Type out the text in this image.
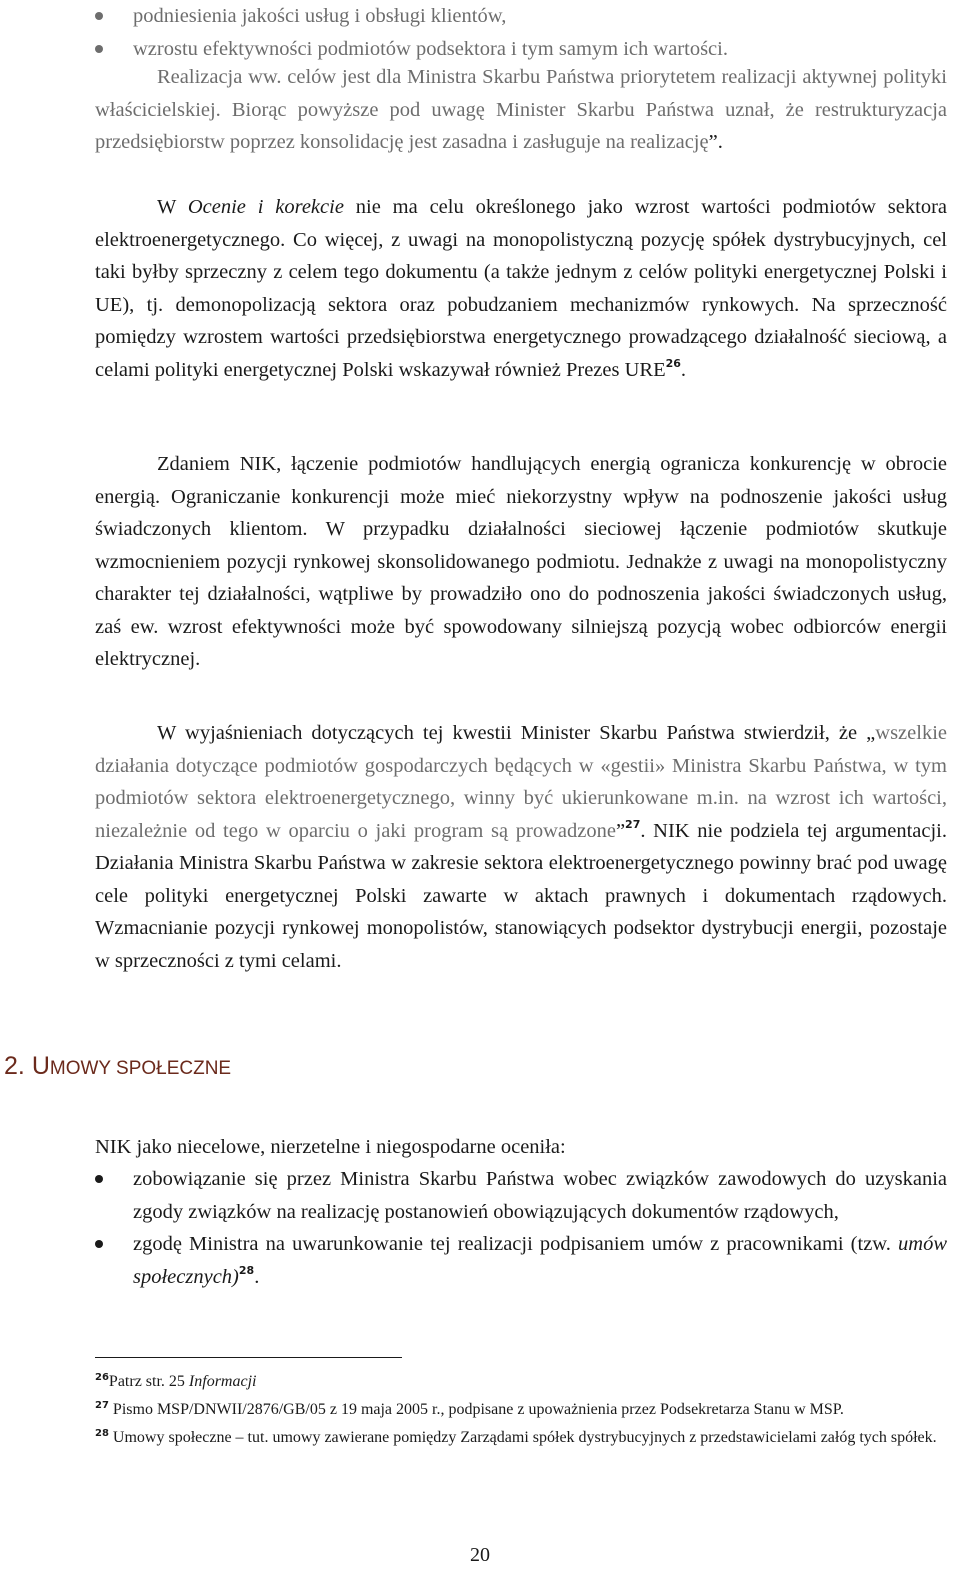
podniesienia jakości usług i obsługi klientów,
wzrostu efektywności podmiotów podsektora i tym samym ich wartości.

Realizacja ww. celów jest dla Ministra Skarbu Państwa priorytetem realizacji aktywnej polityki właścicielskiej. Biorąc powyższe pod uwagę Minister Skarbu Państwa uznał, że restrukturyzacja przedsiębiorstw poprzez konsolidację jest zasadna i zasługuje na realizację”.

W Ocenie i korekcie nie ma celu określonego jako wzrost wartości podmiotów sektora elektroenergetycznego. Co więcej, z uwagi na monopolistyczną pozycję spółek dystrybucyjnych, cel taki byłby sprzeczny z celem tego dokumentu (a także jednym z celów polityki energetycznej Polski i UE), tj. demonopolizacją sektora oraz pobudzaniem mechanizmów rynkowych. Na sprzeczność pomiędzy wzrostem wartości przedsiębiorstwa energetycznego prowadzącego działalność sieciową, a celami polityki energetycznej Polski wskazywał również Prezes URE$^{26}$.

Zdaniem NIK, łączenie podmiotów handlujących energią ogranicza konkurencję w obrocie energią. Ograniczanie konkurencji może mieć niekorzystny wpływ na podnoszenie jakości usług świadczonych klientom. W przypadku działalności sieciowej łączenie podmiotów skutkuje wzmocnieniem pozycji rynkowej skonsolidowanego podmiotu. Jednakże z uwagi na monopolistyczny charakter tej działalności, wątpliwe by prowadziło ono do podnoszenia jakości świadczonych usług, zaś ew. wzrost efektywności może być spowodowany silniejszą pozycją wobec odbiorców energii elektrycznej.

W wyjaśnieniach dotyczących tej kwestii Minister Skarbu Państwa stwierdził, że „wszelkie działania dotyczące podmiotów gospodarczych będących w «gestii» Ministra Skarbu Państwa, w tym podmiotów sektora elektroenergetycznego, winny być ukierunkowane m.in. na wzrost ich wartości, niezależnie od tego w oparciu o jaki program są prowadzone”$^{27}$. NIK nie podziela tej argumentacji. Działania Ministra Skarbu Państwa w zakresie sektora elektroenergetycznego powinny brać pod uwagę cele polityki energetycznej Polski zawarte w aktach prawnych i dokumentach rządowych. Wzmacnianie pozycji rynkowej monopolistów, stanowiących podsektor dystrybucji energii, pozostaje w sprzeczności z tymi celami.

2. UMOWY SPOŁECZNE

NIK jako niecelowe, nierzetelne i niegospodarne oceniła:

zobowiązanie się przez Ministra Skarbu Państwa wobec związków zawodowych do uzyskania zgody związków na realizację postanowień obowiązujących dokumentów rządowych,
zgodę Ministra na uwarunkowanie tej realizacji podpisaniem umów z pracownikami (tzw. umów społecznych)$^{28}$.

$^{26}$Patrz str. 25 Informacji

$^{27}$ Pismo MSP/DNWII/2876/GB/05 z 19 maja 2005 r., podpisane z upoważnienia przez Podsekretarza Stanu w MSP.

$^{28}$ Umowy społeczne – tut. umowy zawierane pomiędzy Zarządami spółek dystrybucyjnych z przedstawicielami załóg tych spółek.

20
